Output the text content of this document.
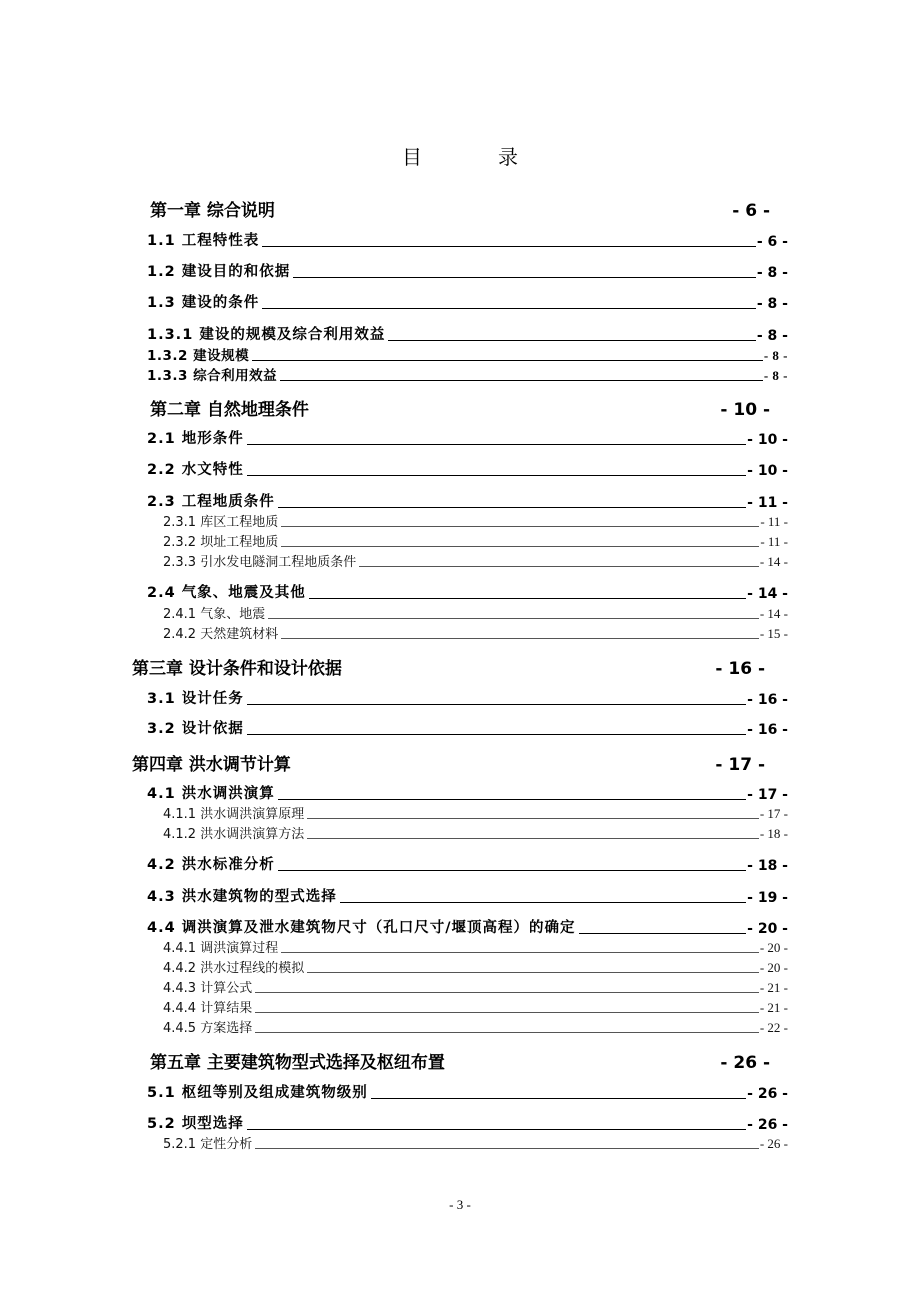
目录
第一章 综合说明	- 6 -
1.1 工程特性表	- 6 -
1.2 建设目的和依据	- 8 -
1.3 建设的条件	- 8 -
1.3.1 建设的规模及综合利用效益	- 8 -
1.3.2 建设规模	- 8 -
1.3.3 综合利用效益	- 8 -
第二章 自然地理条件	- 10 -
2.1 地形条件	- 10 -
2.2 水文特性	- 10 -
2.3 工程地质条件	- 11 -
2.3.1 库区工程地质	- 11 -
2.3.2 坝址工程地质	- 11 -
2.3.3 引水发电隧洞工程地质条件	- 14 -
2.4 气象、地震及其他	- 14 -
2.4.1 气象、地震	- 14 -
2.4.2 天然建筑材料	- 15 -
第三章 设计条件和设计依据	- 16 -
3.1 设计任务	- 16 -
3.2 设计依据	- 16 -
第四章 洪水调节计算	- 17 -
4.1 洪水调洪演算	- 17 -
4.1.1 洪水调洪演算原理	- 17 -
4.1.2 洪水调洪演算方法	- 18 -
4.2 洪水标准分析	- 18 -
4.3 洪水建筑物的型式选择	- 19 -
4.4 调洪演算及泄水建筑物尺寸（孔口尺寸/堰顶高程）的确定	- 20 -
4.4.1 调洪演算过程	- 20 -
4.4.2 洪水过程线的模拟	- 20 -
4.4.3 计算公式	- 21 -
4.4.4 计算结果	- 21 -
4.4.5 方案选择	- 22 -
第五章 主要建筑物型式选择及枢纽布置	- 26 -
5.1 枢纽等别及组成建筑物级别	- 26 -
5.2 坝型选择	- 26 -
5.2.1 定性分析	- 26 -
- 3 -
